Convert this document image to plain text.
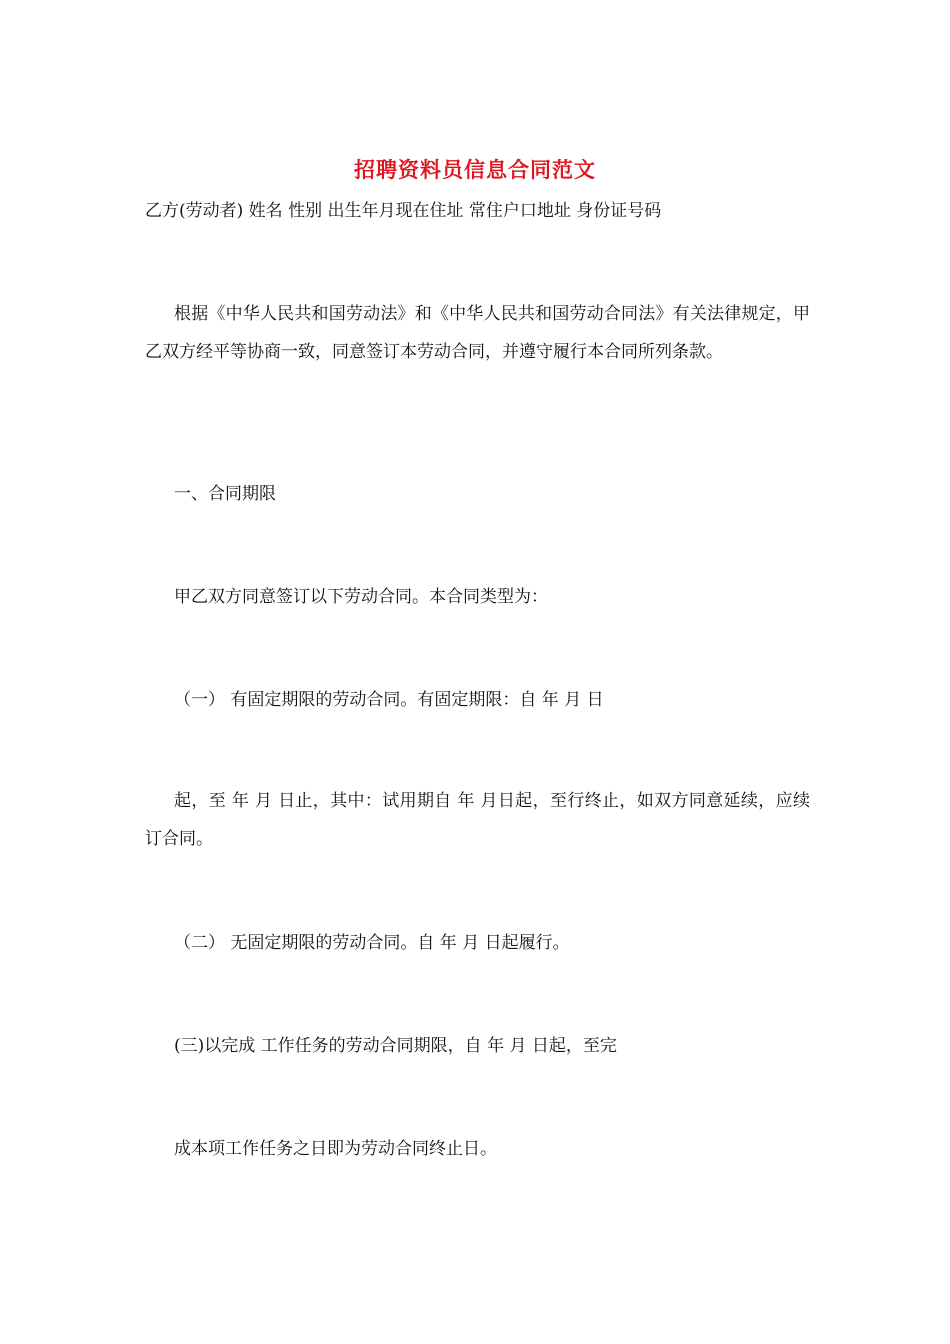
招聘资料员信息合同范文

乙方(劳动者) 姓名 性别 出生年月现在住址 常住户口地址 身份证号码

根据《中华人民共和国劳动法》和《中华人民共和国劳动合同法》有关法律规定，甲乙双方经平等协商一致，同意签订本劳动合同，并遵守履行本合同所列条款。

一、合同期限

甲乙双方同意签订以下劳动合同。本合同类型为：

（一） 有固定期限的劳动合同。有固定期限：自 年 月 日

起，至 年 月 日止，其中：试用期自 年 月日起，至行终止，如双方同意延续，应续订合同。

（二） 无固定期限的劳动合同。自 年 月 日起履行。

(三)以完成 工作任务的劳动合同期限，自 年 月 日起，至完

成本项工作任务之日即为劳动合同终止日。
